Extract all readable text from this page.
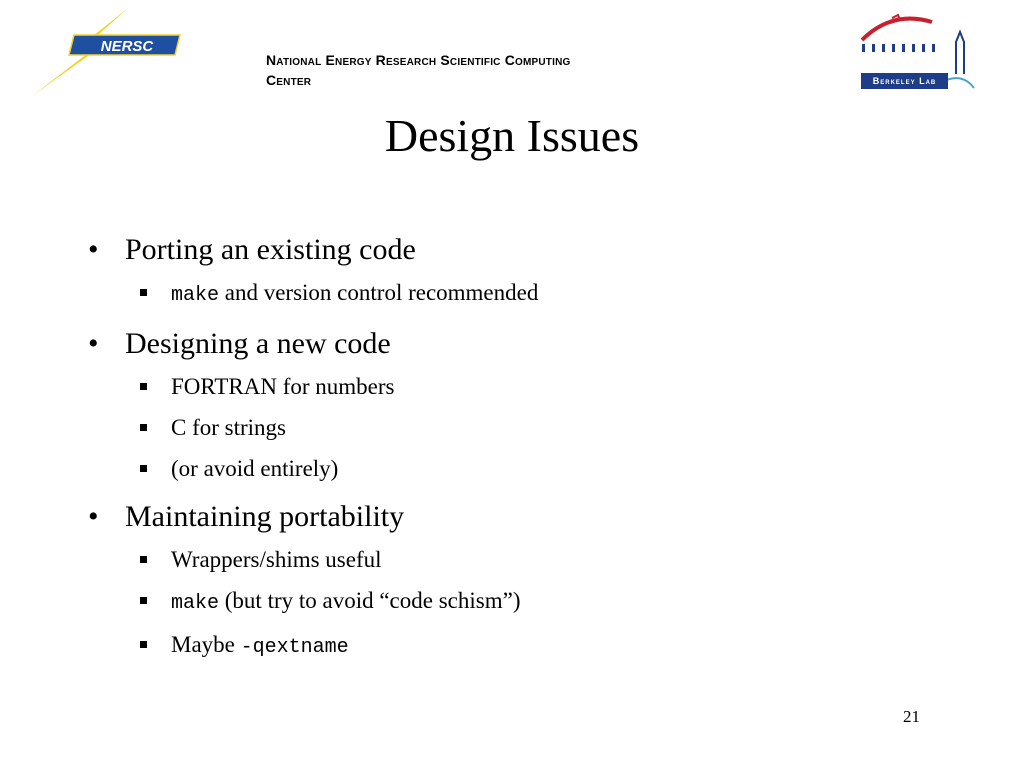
NERSC
National Energy Research Scientific Computing
Center	Berkeley Lab
Design Issues
• Porting an existing code
make and version control recommended
• Designing a new code
FORTRAN for numbers
C for strings
(or avoid entirely)
• Maintaining portability
Wrappers/shims useful
make (but try to avoid “code schism”)
Maybe -qextname
21
